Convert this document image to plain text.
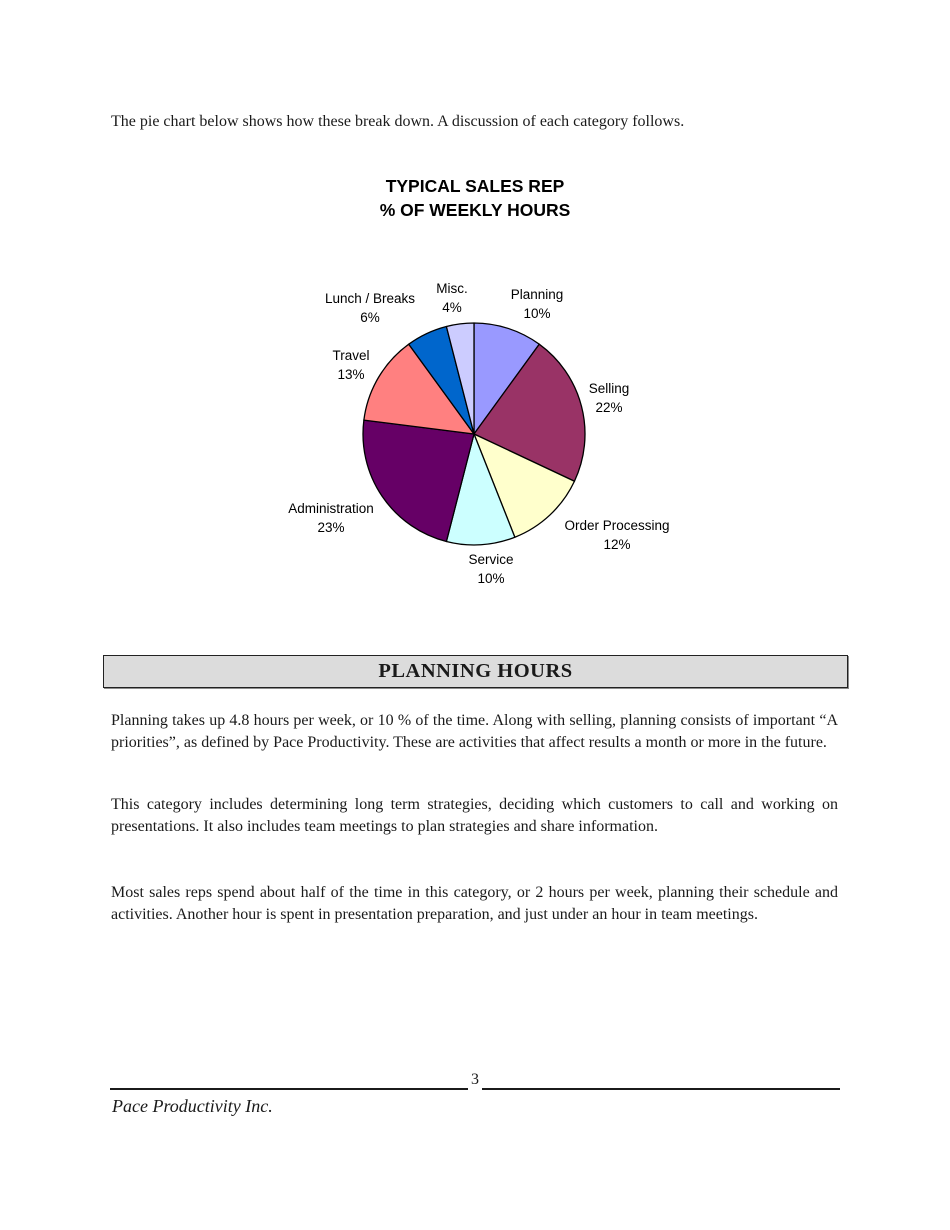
The pie chart below shows how these break down. A discussion of each category follows.

TYPICAL SALES REP
% OF WEEKLY HOURS
Planning
10%
Selling
22%
Order Processing
12%
Service
10%
Administration
23%
Travel
13%
Lunch / Breaks
6%
Misc.
4%
PLANNING HOURS

Planning takes up 4.8 hours per week, or 10 % of the time. Along with selling, planning consists of important “A priorities”, as defined by Pace Productivity. These are activities that affect results a month or more in the future.

This category includes determining long term strategies, deciding which customers to call and working on presentations. It also includes team meetings to plan strategies and share information.

Most sales reps spend about half of the time in this category, or 2 hours per week, planning their schedule and activities. Another hour is spent in presentation preparation, and just under an hour in team meetings.

3
Pace Productivity Inc.
